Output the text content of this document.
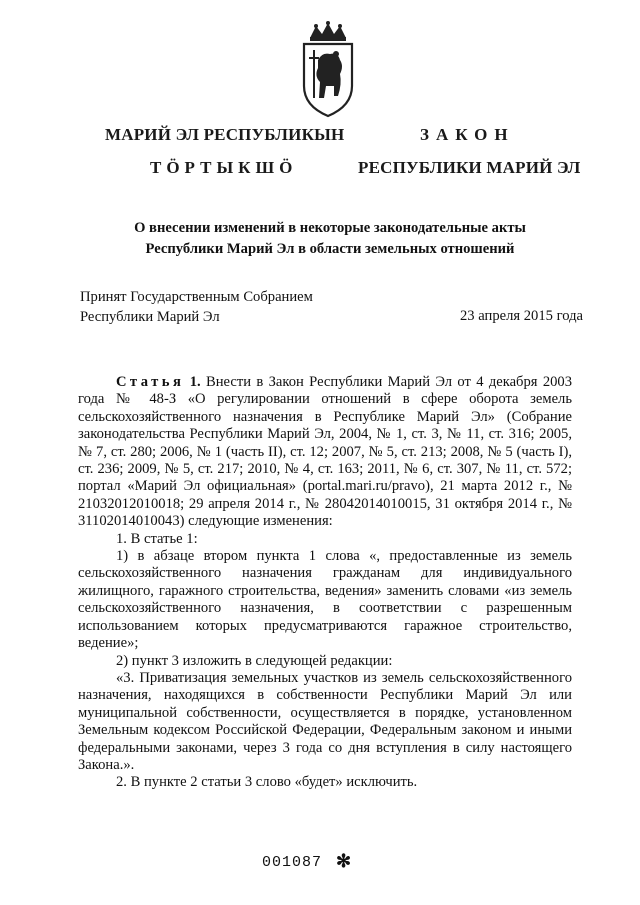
МАРИЙ ЭЛ РЕСПУБЛИКЫН
ТӦРТЫКШӦ
ЗАКОН
РЕСПУБЛИКИ МАРИЙ ЭЛ
О внесении изменений в некоторые законодательные акты
Республики Марий Эл в области земельных отношений
Принят Государственным Собранием
Республики Марий Эл	23 апреля 2015 года

Статья 1. Внести в Закон Республики Марий Эл от 4 декабря 2003 года № 48-З «О регулировании отношений в сфере оборота земель сельскохозяйственного назначения в Республике Марий Эл» (Собрание законодательства Республики Марий Эл, 2004, № 1, ст. 3, № 11, ст. 316; 2005, № 7, ст. 280; 2006, № 1 (часть II), ст. 12; 2007, № 5, ст. 213; 2008, № 5 (часть I), ст. 236; 2009, № 5, ст. 217; 2010, № 4, ст. 163; 2011, № 6, ст. 307, № 11, ст. 572; портал «Марий Эл официальная» (portal.mari.ru/pravo), 21 марта 2012 г., № 21032012010018; 29 апреля 2014 г., № 28042014010015, 31 октября 2014 г., № 31102014010043) следующие изменения:

1. В статье 1:

1) в абзаце втором пункта 1 слова «, предоставленные из земель сельскохозяйственного назначения гражданам для индивидуального жилищного, гаражного строительства, ведения» заменить словами «из земель сельскохозяйственного назначения, в соответствии с разрешенным использованием которых предусматриваются гаражное строительство, ведение»;

2) пункт 3 изложить в следующей редакции:

«3. Приватизация земельных участков из земель сельскохозяйственного назначения, находящихся в собственности Республики Марий Эл или муниципальной собственности, осуществляется в порядке, установленном Земельным кодексом Российской Федерации, Федеральным законом и иными федеральными законами, через 3 года со дня вступления в силу настоящего Закона.».

2. В пункте 2 статьи 3 слово «будет» исключить.

001087 ✻
